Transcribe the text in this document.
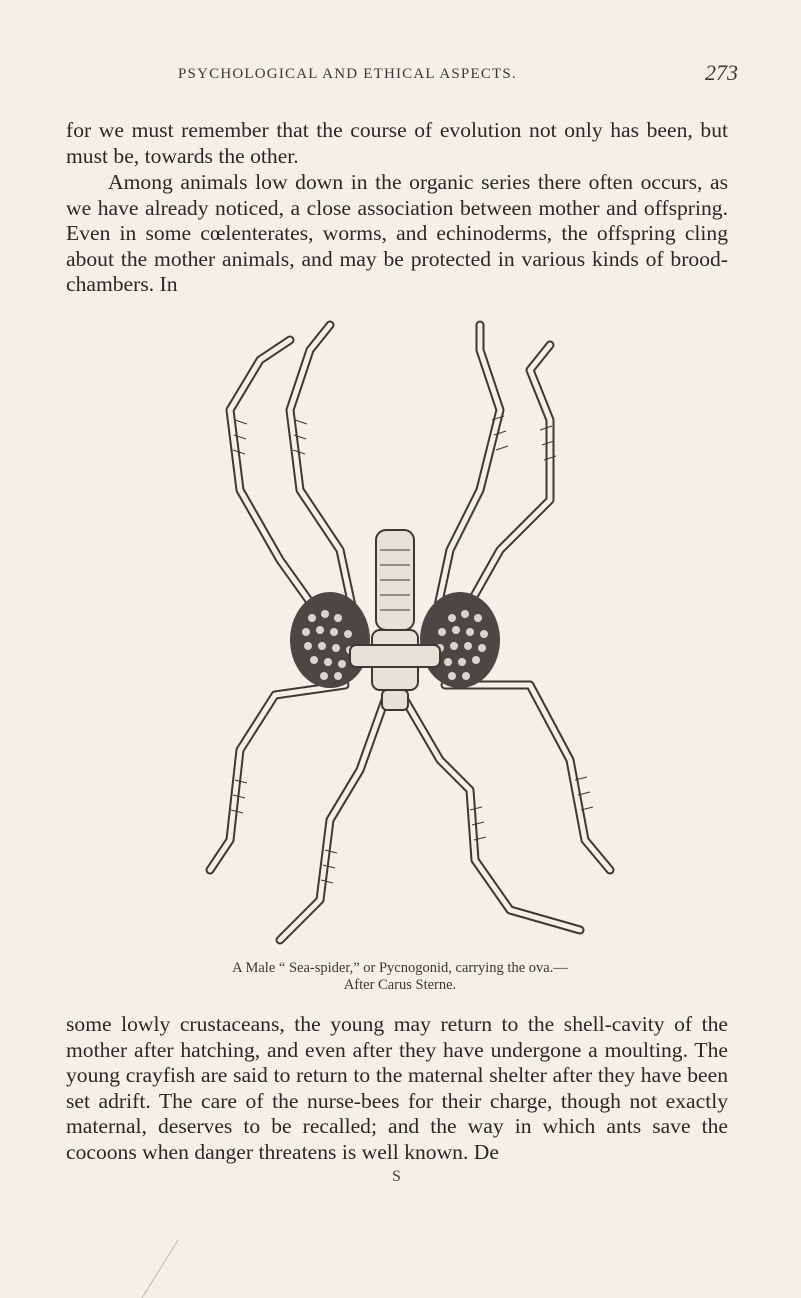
PSYCHOLOGICAL AND ETHICAL ASPECTS.	273

for we must remember that the course of evolution not only has been, but must be, towards the other.

Among animals low down in the organic series there often occurs, as we have already noticed, a close association between mother and offspring. Even in some cœlenterates, worms, and echinoderms, the offspring cling about the mother animals, and may be protected in various kinds of brood-chambers. In

A Male “ Sea-spider,” or Pycnogonid, carrying the ova.—
After Carus Sterne.

some lowly crustaceans, the young may return to the shell-cavity of the mother after hatching, and even after they have undergone a moulting. The young crayfish are said to return to the maternal shelter after they have been set adrift. The care of the nurse-bees for their charge, though not exactly maternal, deserves to be recalled; and the way in which ants save the cocoons when danger threatens is well known. De

S
